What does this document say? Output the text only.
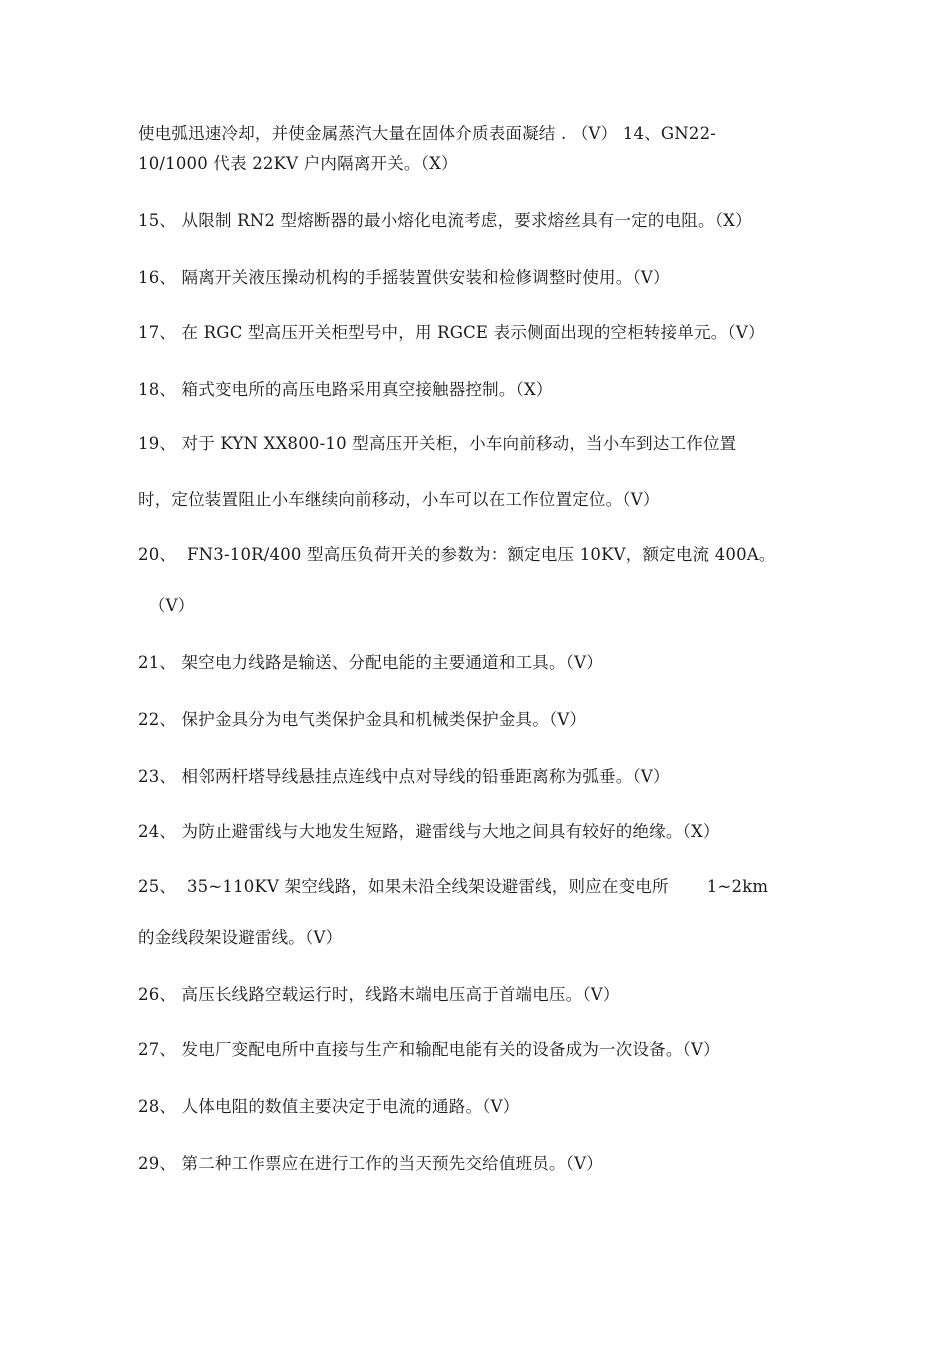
使电弧迅速冷却，并使金属蒸汽大量在固体介质表面凝结 . （V） 14、GN22-
10/1000 代表 22KV 户内隔离开关。（X）
15、 从限制 RN2 型熔断器的最小熔化电流考虑，要求熔丝具有一定的电阻。（X）
16、 隔离开关液压操动机构的手摇装置供安装和检修调整时使用。（V）
17、 在 RGC 型高压开关柜型号中，用 RGCE 表示侧面出现的空柜转接单元。（V）
18、 箱式变电所的高压电路采用真空接触器控制。（X）
19、 对于 KYN XX800-10 型高压开关柜，小车向前移动，当小车到达工作位置
时，定位装置阻止小车继续向前移动，小车可以在工作位置定位。（V）
20、  FN3-10R/400 型高压负荷开关的参数为：额定电压 10KV，额定电流 400A。
（V）
21、 架空电力线路是输送、分配电能的主要通道和工具。（V）
22、 保护金具分为电气类保护金具和机械类保护金具。（V）
23、 相邻两杆塔导线悬挂点连线中点对导线的铅垂距离称为弧垂。（V）
24、 为防止避雷线与大地发生短路，避雷线与大地之间具有较好的绝缘。（X）
25、  35~110KV 架空线路，如果未沿全线架设避雷线，则应在变电所       1~2km
的金线段架设避雷线。（V）
26、 高压长线路空载运行时，线路末端电压高于首端电压。（V）
27、 发电厂变配电所中直接与生产和输配电能有关的设备成为一次设备。（V）
28、 人体电阻的数值主要决定于电流的通路。（V）
29、 第二种工作票应在进行工作的当天预先交给值班员。（V）
